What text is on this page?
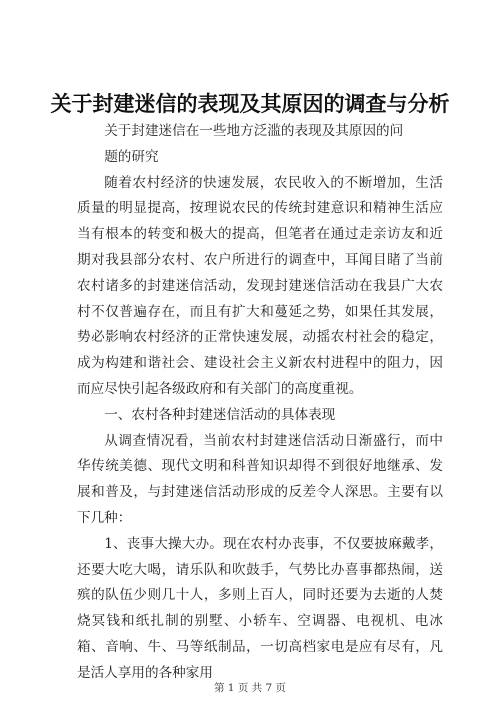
关于封建迷信的表现及其原因的调查与分析

关于封建迷信在一些地方泛滥的表现及其原因的问

题的研究

随着农村经济的快速发展，农民收入的不断增加，生活质量的明显提高，按理说农民的传统封建意识和精神生活应当有根本的转变和极大的提高，但笔者在通过走亲访友和近期对我县部分农村、农户所进行的调查中，耳闻目睹了当前农村诸多的封建迷信活动，发现封建迷信活动在我县广大农村不仅普遍存在，而且有扩大和蔓延之势，如果任其发展，势必影响农村经济的正常快速发展，动摇农村社会的稳定，成为构建和谐社会、建设社会主义新农村进程中的阻力，因而应尽快引起各级政府和有关部门的高度重视。

一、农村各种封建迷信活动的具体表现

从调查情况看，当前农村封建迷信活动日渐盛行，而中华传统美德、现代文明和科普知识却得不到很好地继承、发展和普及，与封建迷信活动形成的反差令人深思。主要有以下几种：

1、丧事大操大办。现在农村办丧事，不仅要披麻戴孝，还要大吃大喝，请乐队和吹鼓手，气势比办喜事都热闹，送殡的队伍少则几十人，多则上百人，同时还要为去逝的人焚烧冥钱和纸扎制的别墅、小轿车、空调器、电视机、电冰箱、音响、牛、马等纸制品，一切高档家电是应有尽有，凡是活人享用的各种家用

第 1 页 共 7 页
